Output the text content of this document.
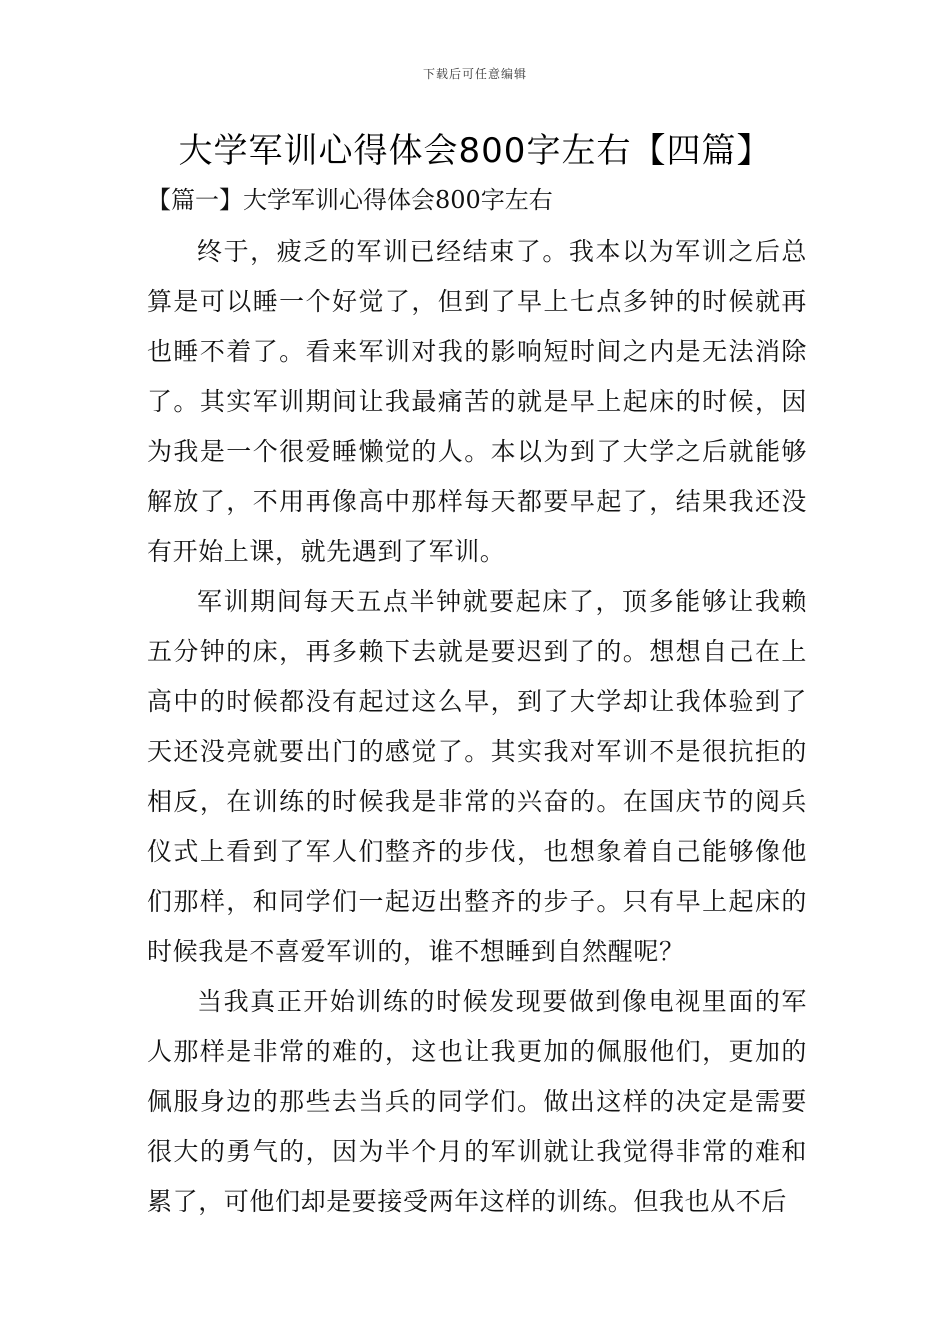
下载后可任意编辑
大学军训心得体会800字左右【四篇】
【篇一】大学军训心得体会800字左右

终于，疲乏的军训已经结束了。我本以为军训之后总算是可以睡一个好觉了，但到了早上七点多钟的时候就再也睡不着了。看来军训对我的影响短时间之内是无法消除了。其实军训期间让我最痛苦的就是早上起床的时候，因为我是一个很爱睡懒觉的人。本以为到了大学之后就能够解放了，不用再像高中那样每天都要早起了，结果我还没有开始上课，就先遇到了军训。

军训期间每天五点半钟就要起床了，顶多能够让我赖五分钟的床，再多赖下去就是要迟到了的。想想自己在上高中的时候都没有起过这么早，到了大学却让我体验到了天还没亮就要出门的感觉了。其实我对军训不是很抗拒的相反，在训练的时候我是非常的兴奋的。在国庆节的阅兵仪式上看到了军人们整齐的步伐，也想象着自己能够像他们那样，和同学们一起迈出整齐的步子。只有早上起床的时候我是不喜爱军训的，谁不想睡到自然醒呢？

当我真正开始训练的时候发现要做到像电视里面的军人那样是非常的难的，这也让我更加的佩服他们，更加的佩服身边的那些去当兵的同学们。做出这样的决定是需要很大的勇气的，因为半个月的军训就让我觉得非常的难和累了，可他们却是要接受两年这样的训练。但我也从不后
